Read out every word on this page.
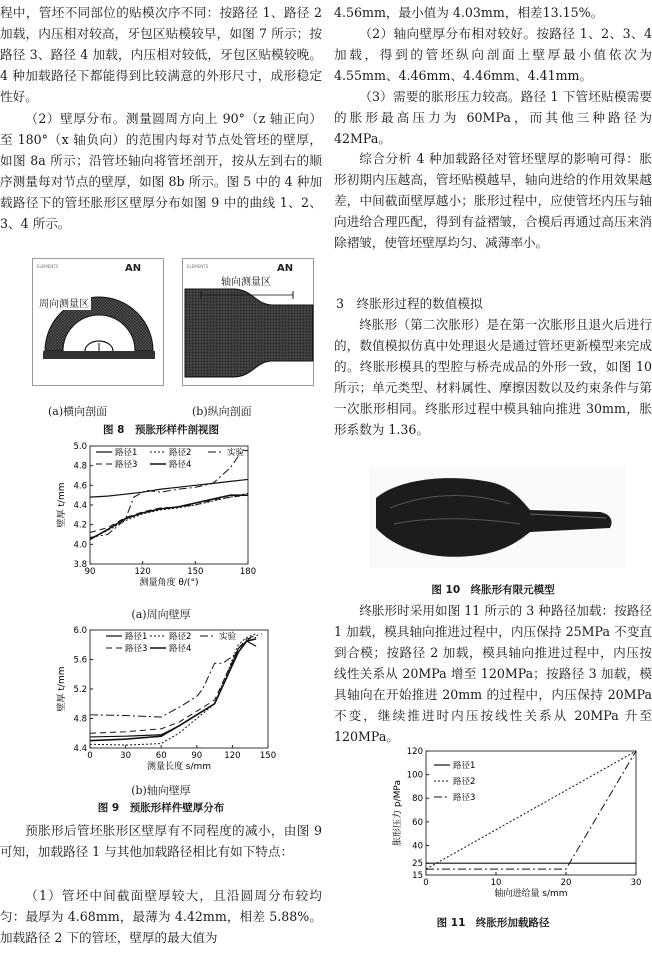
程中，管坯不同部位的贴模次序不同：按路径 1、路径 2 加载，内压相对较高，牙包区贴模较早，如图 7 所示；按路径 3、路径 4 加载，内压相对较低，牙包区贴模较晚。4 种加载路径下都能得到比较满意的外形尺寸，成形稳定性好。

（2）壁厚分布。测量圆周方向上 90°（z 轴正向）至 180°（x 轴负向）的范围内每对节点处管坯的壁厚，如图 8a 所示；沿管坯轴向将管坯剖开，按从左到右的顺序测量每对节点的壁厚，如图 8b 所示。图 5 中的 4 种加载路径下的管坯胀形区壁厚分布如图 9 中的曲线 1、2、3、4 所示。

ELEMENTS	AN
周向测量区
ELEMENTS	AN
轴向测量区
(a)横向剖面	(b)纵向剖面
图 8　预胀形样件剖视图
90	120	150	180
3.8
4.0
4.2
4.4
4.6
4.8
5.0
测量角度 θ/(°)
壁厚 t/mm
路径1	路径2	实验
路径3	路径4
(a)周向壁厚
0	30	60	90	120 150
4.4
4.8
5.2
5.6
6.0
测量长度 s/mm
壁厚 t/mm
路径1	路径2	实验
路径3	路径4
(b)轴向壁厚
图 9　预胀形样件壁厚分布

预胀形后管坯胀形区壁厚有不同程度的减小，由图 9 可知，加载路径 1 与其他加载路径相比有如下特点：

（1）管坯中间截面壁厚较大，且沿圆周分布较均匀：最厚为 4.68mm，最薄为 4.42mm，相差 5.88%。加载路径 2 下的管坯，壁厚的最大值为

4.56mm，最小值为 4.03mm，相差13.15%。

（2）轴向壁厚分布相对较好。按路径 1、2、3、4 加载，得到的管坯纵向剖面上壁厚最小值依次为 4.55mm、4.46mm、4.46mm、4.41mm。

（3）需要的胀形压力较高。路径 1 下管坯贴模需要的胀形最高压力为 60MPa，而其他三种路径为 42MPa。

综合分析 4 种加载路径对管坯壁厚的影响可得：胀形初期内压越高，管坯贴模越早，轴向进给的作用效果越差，中间截面壁厚越小；胀形过程中，应使管坯内压与轴向进给合理匹配，得到有益褶皱，合模后再通过高压来消除褶皱，使管坯壁厚均匀、减薄率小。

3　终胀形过程的数值模拟

终胀形（第二次胀形）是在第一次胀形且退火后进行的，数值模拟仿真中处理退火是通过管坯更新模型来完成的。终胀形模具的型腔与桥壳成品的外形一致，如图 10 所示；单元类型、材料属性、摩擦因数以及约束条件与第一次胀形相同。终胀形过程中模具轴向推进 30mm，胀形系数为 1.36。

图 10　终胀形有限元模型

终胀形时采用如图 11 所示的 3 种路径加载：按路径 1 加载，模具轴向推进过程中，内压保持 25MPa 不变直到合模；按路径 2 加载，模具轴向推进过程中，内压按线性关系从 20MPa 增至 120MPa；按路径 3 加载，模具轴向在开始推进 20mm 的过程中，内压保持 20MPa 不变，继续推进时内压按线性关系从 20MPa 升至120MPa。

0	10	20	30
15
25
40
60
80
100
120
轴向进给量 s/mm
胀形压力 p/MPa
路径1
路径2
路径3
图 11　终胀形加载路径
